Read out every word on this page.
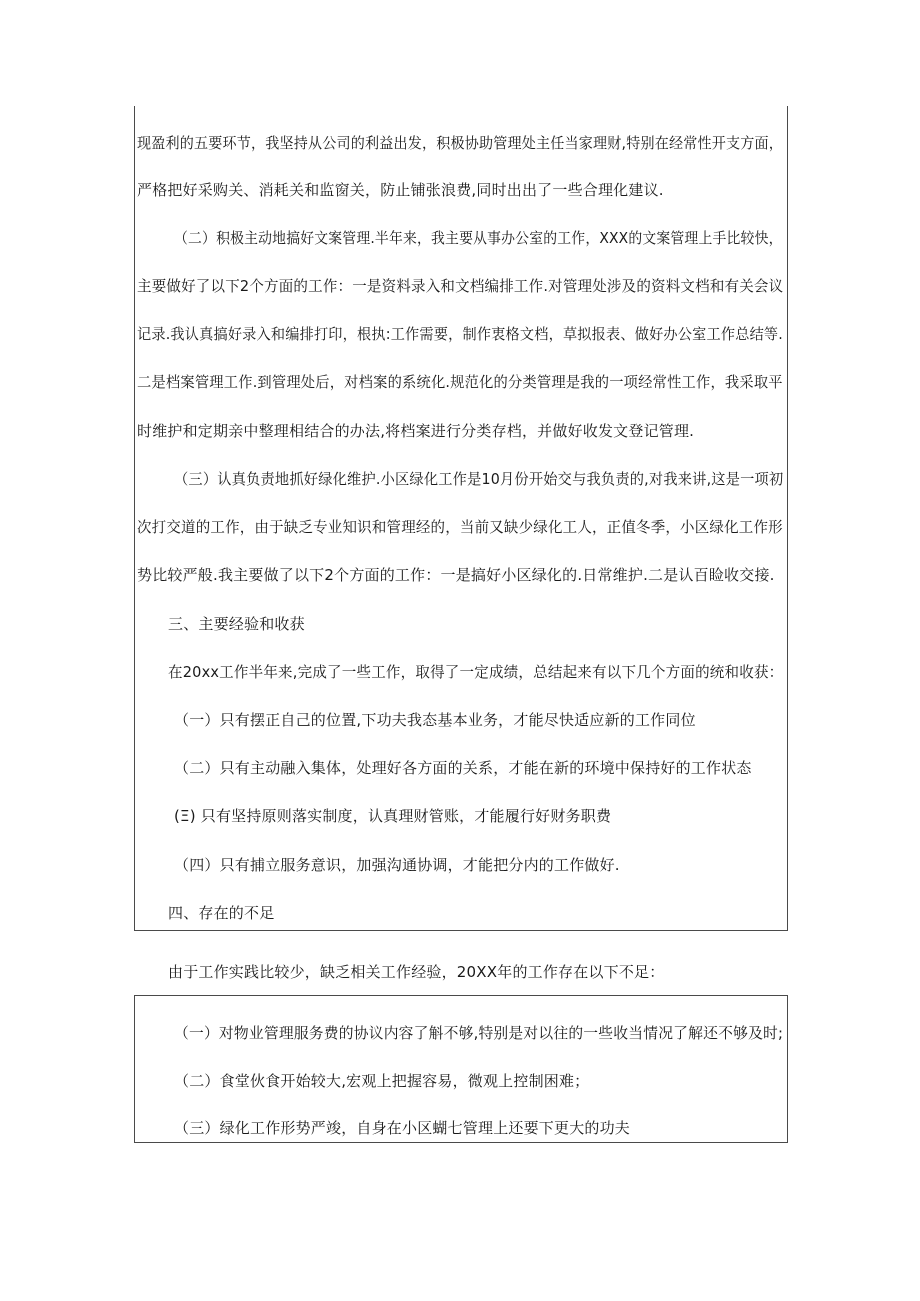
现盈利的五要环节，我坚持从公司的利益出发，积极协助管理处主任当家理财,特别在经常性开支方面，
严格把好采购关、消耗关和监窗关，防止铺张浪费,同时出出了一些合理化建议.
（二）积极主动地搞好文案管理.半年来，我主要从事办公室的工作，XXX的文案管理上手比较快，
主要做好了以下2个方面的工作：一是资料录入和文档编排工作.对管理处涉及的资料文档和有关会议
记录.我认真搞好录入和编排打印，根执:工作需要，制作衷格文档，草拟报表、做好办公室工作总结等.
二是档案管理工作.到管理处后，对档案的系统化.规范化的分类管理是我的一项经常性工作，我采取平
时维护和定期亲中整理相结合的办法,将档案进行分类存档，并做好收发文登记管理.
（三）认真负责地抓好绿化维护.小区绿化工作是10月份开始交与我负责的,对我来讲,这是一项初
次打交道的工作，由于缺乏专业知识和管理经的，当前又缺少绿化工人，正值冬季，小区绿化工作形
势比较严般.我主要做了以下2个方面的工作：一是搞好小区绿化的.日常维护.二是认百睑收交接.
三、主要经验和收获
在20xx工作半年来,完成了一些工作，取得了一定成绩，总结起来有以下几个方面的统和收获：
（一）只有摆正自己的位置,下功夫我态基本业务，才能尽快适应新的工作同位
（二）只有主动融入集体，处理好各方面的关系，才能在新的环境中保持好的工作状态
(Ξ) 只有坚持原则落实制度，认真理财管账，才能履行好财务职费
（四）只有捕立服务意识，加强沟通协调，才能把分内的工作做好.
四、存在的不足
由于工作实践比较少，缺乏相关工作经验，20XX年的工作存在以下不足：
（一）对物业管理服务费的协议内容了斛不够,特别是对以往的一些收当情况了解还不够及时;
（二）食堂伙食开始较大,宏观上把握容易，微观上控制困难；
（三）绿化工作形势严竣，自身在小区蝴七管理上还要下更大的功夫
